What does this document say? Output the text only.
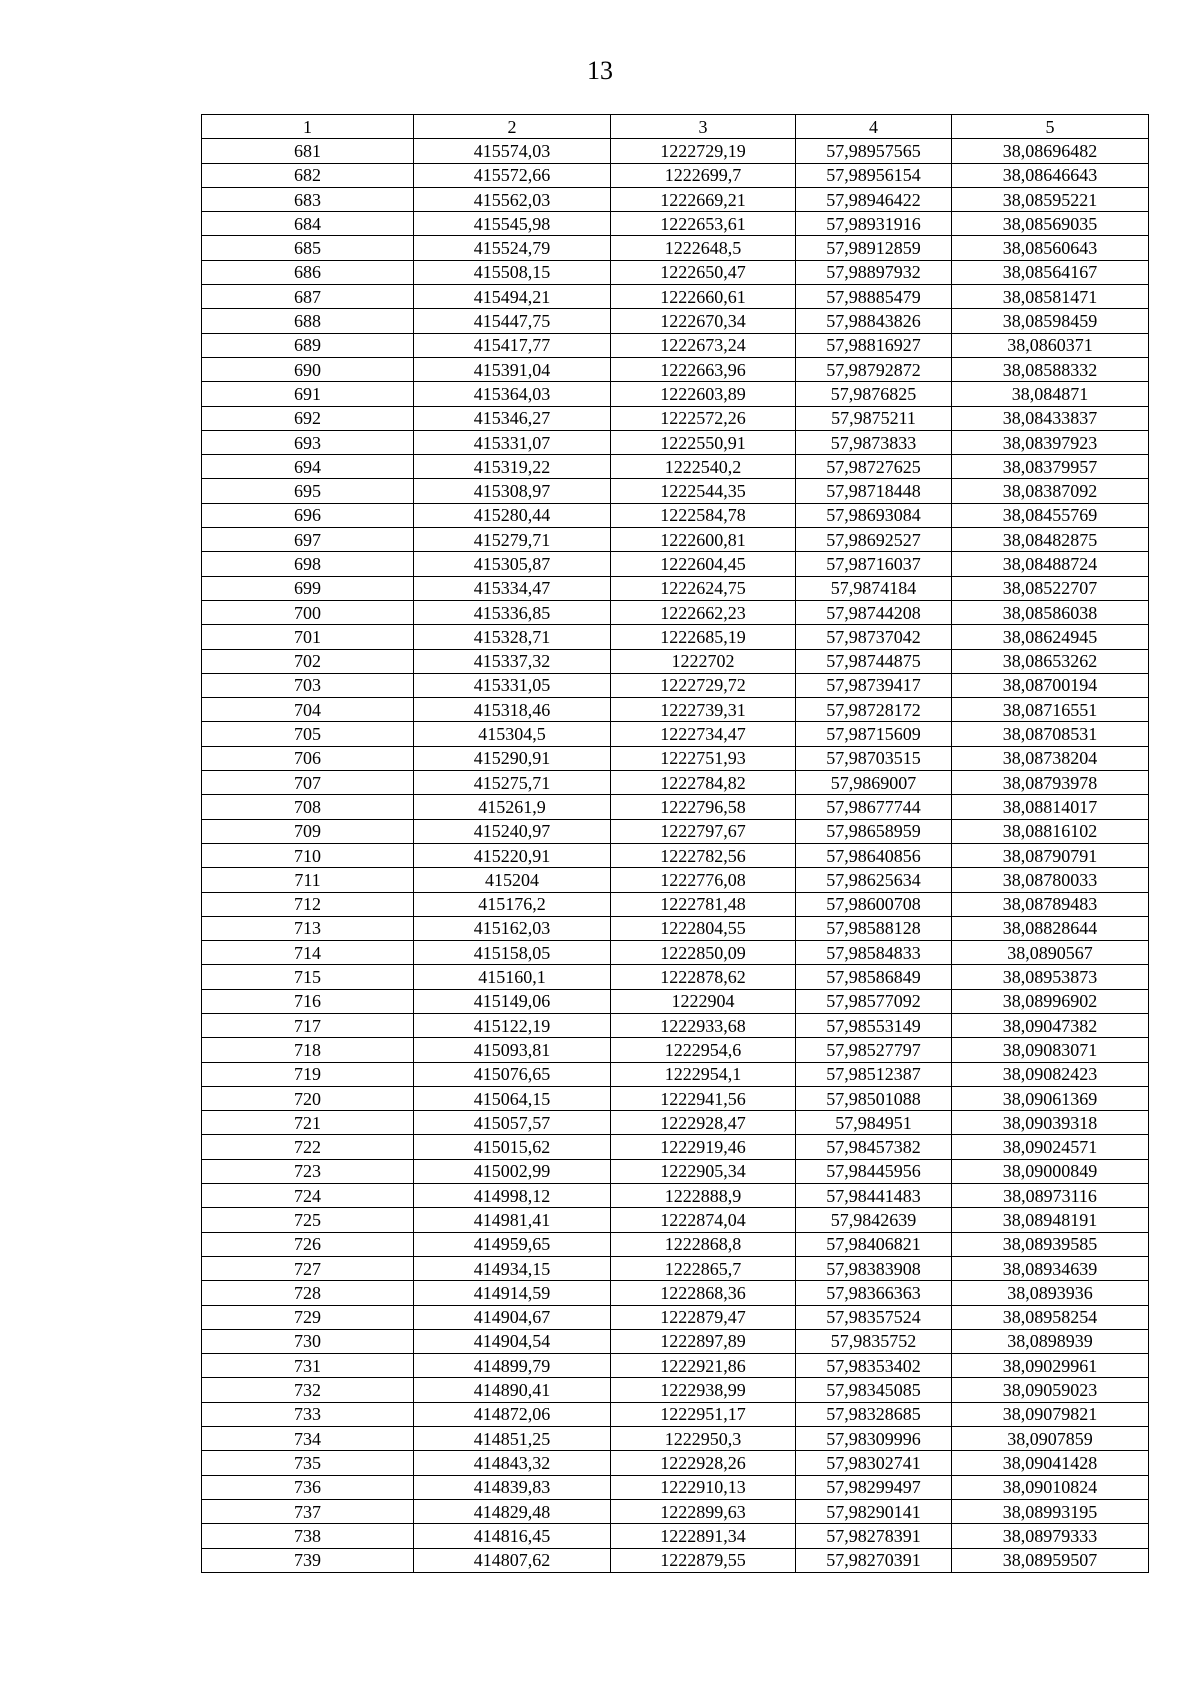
13
1	2	3	4	5
681	415574,03	1222729,19	57,98957565	38,08696482
682	415572,66	1222699,7	57,98956154	38,08646643
683	415562,03	1222669,21	57,98946422	38,08595221
684	415545,98	1222653,61	57,98931916	38,08569035
685	415524,79	1222648,5	57,98912859	38,08560643
686	415508,15	1222650,47	57,98897932	38,08564167
687	415494,21	1222660,61	57,98885479	38,08581471
688	415447,75	1222670,34	57,98843826	38,08598459
689	415417,77	1222673,24	57,98816927	38,0860371
690	415391,04	1222663,96	57,98792872	38,08588332
691	415364,03	1222603,89	57,9876825	38,084871
692	415346,27	1222572,26	57,9875211	38,08433837
693	415331,07	1222550,91	57,9873833	38,08397923
694	415319,22	1222540,2	57,98727625	38,08379957
695	415308,97	1222544,35	57,98718448	38,08387092
696	415280,44	1222584,78	57,98693084	38,08455769
697	415279,71	1222600,81	57,98692527	38,08482875
698	415305,87	1222604,45	57,98716037	38,08488724
699	415334,47	1222624,75	57,9874184	38,08522707
700	415336,85	1222662,23	57,98744208	38,08586038
701	415328,71	1222685,19	57,98737042	38,08624945
702	415337,32	1222702	57,98744875	38,08653262
703	415331,05	1222729,72	57,98739417	38,08700194
704	415318,46	1222739,31	57,98728172	38,08716551
705	415304,5	1222734,47	57,98715609	38,08708531
706	415290,91	1222751,93	57,98703515	38,08738204
707	415275,71	1222784,82	57,9869007	38,08793978
708	415261,9	1222796,58	57,98677744	38,08814017
709	415240,97	1222797,67	57,98658959	38,08816102
710	415220,91	1222782,56	57,98640856	38,08790791
711	415204	1222776,08	57,98625634	38,08780033
712	415176,2	1222781,48	57,98600708	38,08789483
713	415162,03	1222804,55	57,98588128	38,08828644
714	415158,05	1222850,09	57,98584833	38,0890567
715	415160,1	1222878,62	57,98586849	38,08953873
716	415149,06	1222904	57,98577092	38,08996902
717	415122,19	1222933,68	57,98553149	38,09047382
718	415093,81	1222954,6	57,98527797	38,09083071
719	415076,65	1222954,1	57,98512387	38,09082423
720	415064,15	1222941,56	57,98501088	38,09061369
721	415057,57	1222928,47	57,984951	38,09039318
722	415015,62	1222919,46	57,98457382	38,09024571
723	415002,99	1222905,34	57,98445956	38,09000849
724	414998,12	1222888,9	57,98441483	38,08973116
725	414981,41	1222874,04	57,9842639	38,08948191
726	414959,65	1222868,8	57,98406821	38,08939585
727	414934,15	1222865,7	57,98383908	38,08934639
728	414914,59	1222868,36	57,98366363	38,0893936
729	414904,67	1222879,47	57,98357524	38,08958254
730	414904,54	1222897,89	57,9835752	38,0898939
731	414899,79	1222921,86	57,98353402	38,09029961
732	414890,41	1222938,99	57,98345085	38,09059023
733	414872,06	1222951,17	57,98328685	38,09079821
734	414851,25	1222950,3	57,98309996	38,0907859
735	414843,32	1222928,26	57,98302741	38,09041428
736	414839,83	1222910,13	57,98299497	38,09010824
737	414829,48	1222899,63	57,98290141	38,08993195
738	414816,45	1222891,34	57,98278391	38,08979333
739	414807,62	1222879,55	57,98270391	38,08959507
